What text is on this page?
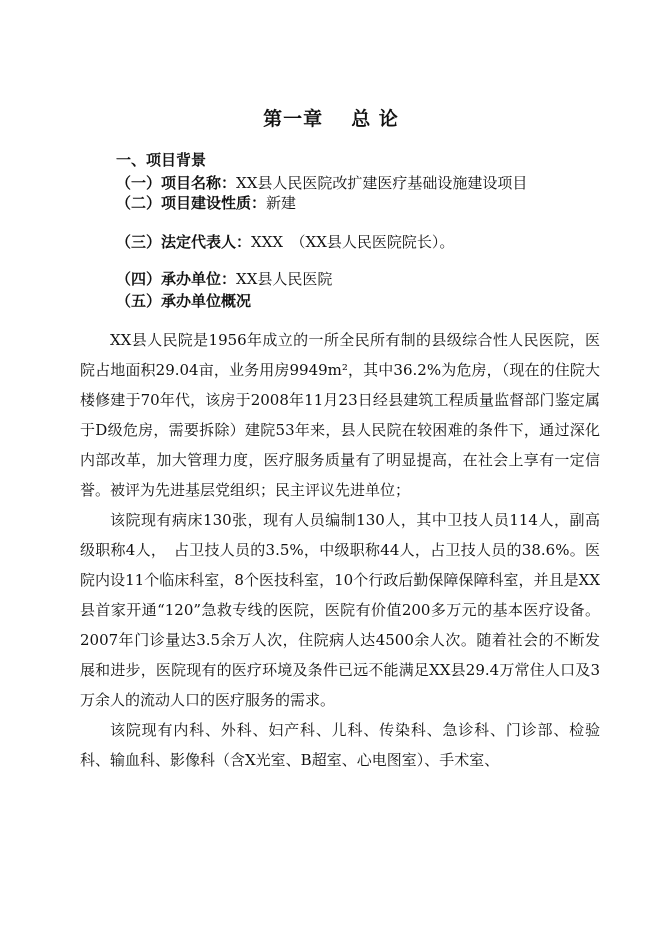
第一章 总 论
一、项目背景
（一）项目名称：XX县人民医院改扩建医疗基础设施建设项目
（二）项目建设性质：新建
（三）法定代表人：XXX　（XX县人民医院院长）。
（四）承办单位：XX县人民医院
（五）承办单位概况

XX县人民院是1956年成立的一所全民所有制的县级综合性人民医院，医院占地面积29.04亩，业务用房9949m²，其中36.2%为危房，（现在的住院大楼修建于70年代，该房于2008年11月23日经县建筑工程质量监督部门鉴定属于D级危房，需要拆除）建院53年来，县人民院在较困难的条件下，通过深化内部改革，加大管理力度，医疗服务质量有了明显提高，在社会上享有一定信誉。被评为先进基层党组织；民主评议先进单位；

该院现有病床130张，现有人员编制130人，其中卫技人员114人，副高级职称4人，　占卫技人员的3.5%，中级职称44人，占卫技人员的38.6%。医院内设11个临床科室，8个医技科室，10个行政后勤保障保障科室，并且是XX县首家开通“120”急救专线的医院，医院有价值200多万元的基本医疗设备。2007年门诊量达3.5余万人次，住院病人达4500余人次。随着社会的不断发展和进步，医院现有的医疗环境及条件已远不能满足XX县29.4万常住人口及3万余人的流动人口的医疗服务的需求。

该院现有内科、外科、妇产科、儿科、传染科、急诊科、门诊部、检验科、输血科、影像科（含X光室、B超室、心电图室）、手术室、
